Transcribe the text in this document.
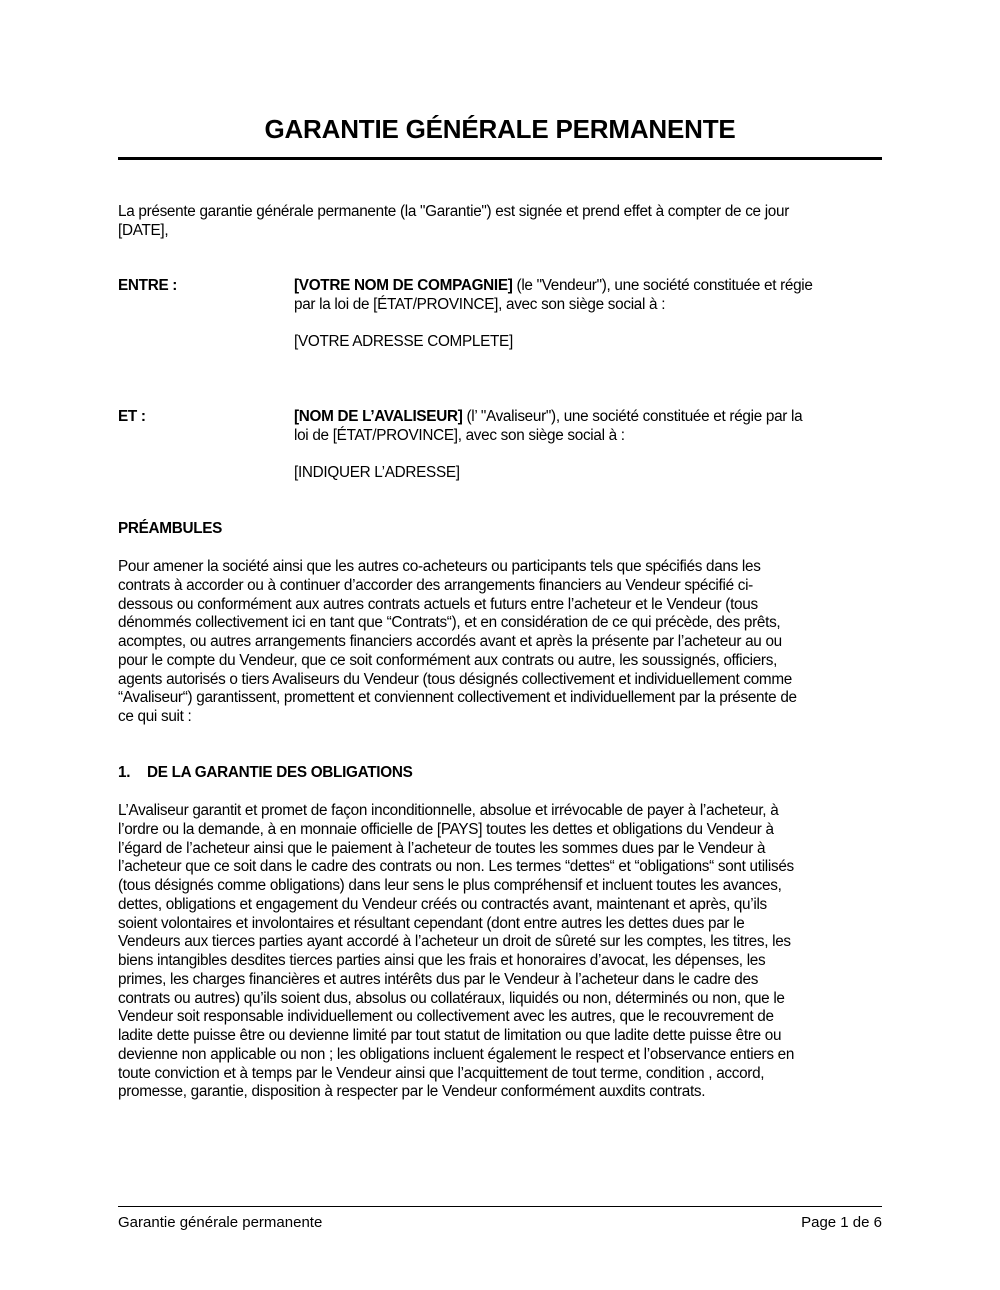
GARANTIE GÉNÉRALE PERMANENTE
La présente garantie générale permanente (la "Garantie") est signée et prend effet à compter de ce jour
[DATE],
ENTRE :	[VOTRE NOM DE COMPAGNIE] (le "Vendeur"), une société constituée et régie
par la loi de [ÉTAT/PROVINCE], avec son siège social à :
[VOTRE ADRESSE COMPLETE]
ET :	[NOM DE L’AVALISEUR] (l’ "Avaliseur"), une société constituée et régie par la
loi de [ÉTAT/PROVINCE], avec son siège social à :
[INDIQUER L’ADRESSE]
PRÉAMBULES
Pour amener la société ainsi que les autres co-acheteurs ou participants tels que spécifiés dans les
contrats à accorder ou à continuer d’accorder des arrangements financiers au Vendeur spécifié ci-
dessous ou conformément aux autres contrats actuels et futurs entre l’acheteur et le Vendeur (tous
dénommés collectivement ici en tant que “Contrats“), et en considération de ce qui précède, des prêts,
acomptes, ou autres arrangements financiers accordés avant et après la présente par l’acheteur au ou
pour le compte du Vendeur, que ce soit conformément aux contrats ou autre, les soussignés, officiers,
agents autorisés o tiers Avaliseurs du Vendeur (tous désignés collectivement et individuellement comme
“Avaliseur“) garantissent, promettent et conviennent collectivement et individuellement par la présente de
ce qui suit :
1. DE LA GARANTIE DES OBLIGATIONS
L’Avaliseur garantit et promet de façon inconditionnelle, absolue et irrévocable de payer à l’acheteur, à
l’ordre ou la demande, à en monnaie officielle de [PAYS] toutes les dettes et obligations du Vendeur à
l’égard de l’acheteur ainsi que le paiement à l’acheteur de toutes les sommes dues par le Vendeur à
l’acheteur que ce soit dans le cadre des contrats ou non. Les termes “dettes“ et “obligations“ sont utilisés
(tous désignés comme obligations) dans leur sens le plus compréhensif et incluent toutes les avances,
dettes, obligations et engagement du Vendeur créés ou contractés avant, maintenant et après, qu’ils
soient volontaires et involontaires et résultant cependant (dont entre autres les dettes dues par le
Vendeurs aux tierces parties ayant accordé à l’acheteur un droit de sûreté sur les comptes, les titres, les
biens intangibles desdites tierces parties ainsi que les frais et honoraires d’avocat, les dépenses, les
primes, les charges financières et autres intérêts dus par le Vendeur à l’acheteur dans le cadre des
contrats ou autres) qu’ils soient dus, absolus ou collatéraux, liquidés ou non, déterminés ou non, que le
Vendeur soit responsable individuellement ou collectivement avec les autres, que le recouvrement de
ladite dette puisse être ou devienne limité par tout statut de limitation ou que ladite dette puisse être ou
devienne non applicable ou non ; les obligations incluent également le respect et l’observance entiers en
toute conviction et à temps par le Vendeur ainsi que l’acquittement de tout terme, condition , accord,
promesse, garantie, disposition à respecter par le Vendeur conformément auxdits contrats.
Garantie générale permanente	Page 1 de 6
